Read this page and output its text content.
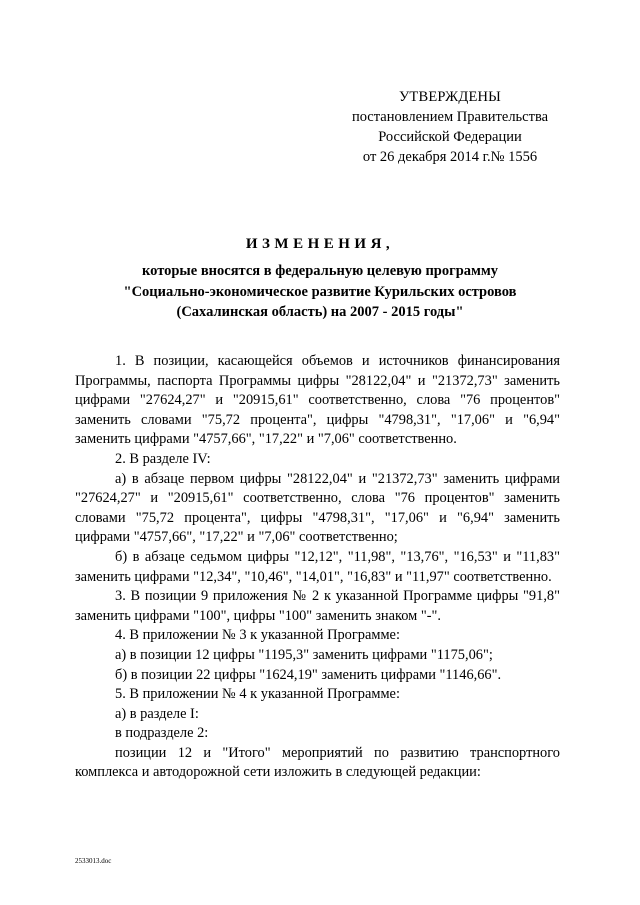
УТВЕРЖДЕНЫ
постановлением Правительства
Российской Федерации
от 26 декабря 2014 г.№ 1556
ИЗМЕНЕНИЯ,
которые вносятся в федеральную целевую программу
"Социально-экономическое развитие Курильских островов
(Сахалинская область) на 2007 - 2015 годы"

1. В позиции, касающейся объемов и источников финансирования Программы, паспорта Программы цифры "28122,04" и "21372,73" заменить цифрами "27624,27" и "20915,61" соответственно, слова "76 процентов" заменить словами "75,72 процента", цифры "4798,31", "17,06" и "6,94" заменить цифрами "4757,66", "17,22" и "7,06" соответственно.

2. В разделе IV:

а) в абзаце первом цифры "28122,04" и "21372,73" заменить цифрами "27624,27" и "20915,61" соответственно, слова "76 процентов" заменить словами "75,72 процента", цифры "4798,31", "17,06" и "6,94" заменить цифрами "4757,66", "17,22" и "7,06" соответственно;

б) в абзаце седьмом цифры "12,12", "11,98", "13,76", "16,53" и "11,83" заменить цифрами "12,34", "10,46", "14,01", "16,83" и "11,97" соответственно.

3. В позиции 9 приложения № 2 к указанной Программе цифры "91,8" заменить цифрами "100", цифры "100" заменить знаком "-".

4. В приложении № 3 к указанной Программе:

а) в позиции 12 цифры "1195,3" заменить цифрами "1175,06";

б) в позиции 22 цифры "1624,19" заменить цифрами "1146,66".

5. В приложении № 4 к указанной Программе:

а) в разделе I:

в подразделе 2:

позиции 12 и "Итого" мероприятий по развитию транспортного комплекса и автодорожной сети изложить в следующей редакции:

2533013.doc
